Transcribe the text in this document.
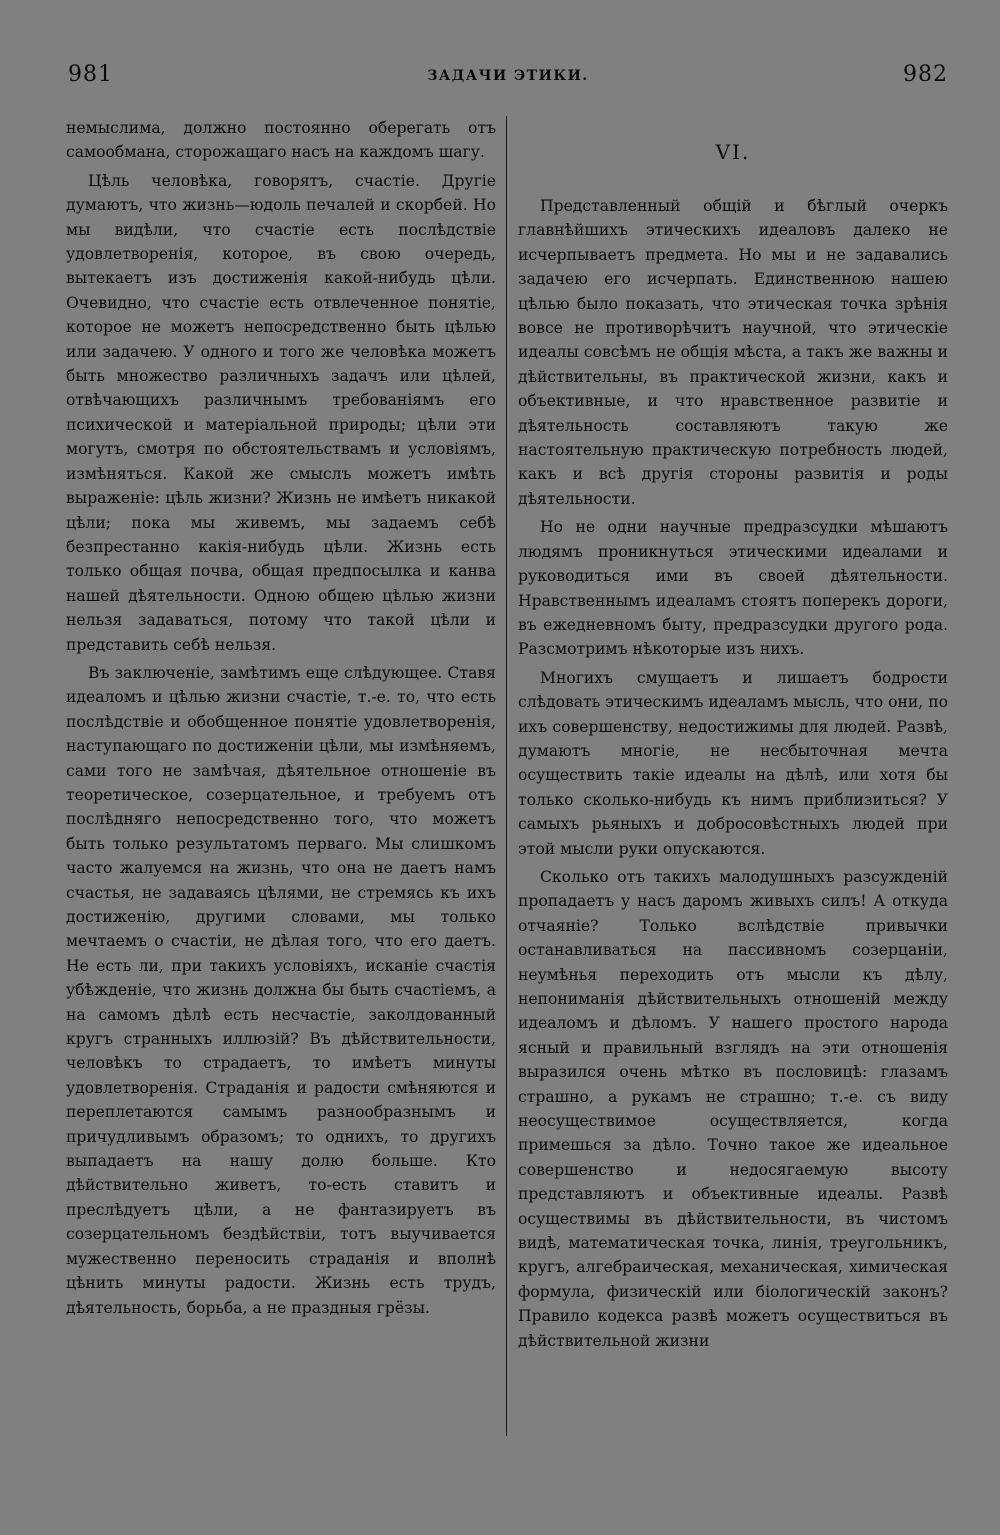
981	ЗАДАЧИ ЭТИКИ.	982

немыслима, должно постоянно оберегать отъ самообмана, сторожащаго насъ на каждомъ шагу.

Цѣль человѣка, говорятъ, счастіе. Другіе думаютъ, что жизнь—юдоль печалей и скорбей. Но мы видѣли, что счастіе есть послѣдствіе удовлетворенія, которое, въ свою очередь, вытекаетъ изъ достиженія какой-нибудь цѣли. Очевидно, что счастіе есть отвлеченное понятіе, которое не можетъ непосредственно быть цѣлью или задачею. У одного и того же человѣка можетъ быть множество различныхъ задачъ или цѣлей, отвѣчающихъ различнымъ требованіямъ его психической и матеріальной природы; цѣли эти могутъ, смотря по обстоятельствамъ и условіямъ, измѣняться. Какой же смыслъ можетъ имѣть выраженіе: цѣль жизни? Жизнь не имѣетъ никакой цѣли; пока мы живемъ, мы задаемъ себѣ безпрестанно какія-нибудь цѣли. Жизнь есть только общая почва, общая предпосылка и канва нашей дѣятельности. Одною общею цѣлью жизни нельзя задаваться, потому что такой цѣли и представить себѣ нельзя.

Въ заключеніе, замѣтимъ еще слѣдующее. Ставя идеаломъ и цѣлью жизни счастіе, т.-е. то, что есть послѣдствіе и обобщенное понятіе удовлетворенія, наступающаго по достиженіи цѣли, мы измѣняемъ, сами того не замѣчая, дѣятельное отношеніе въ теоретическое, созерцательное, и требуемъ отъ послѣдняго непосредственно того, что можетъ быть только результатомъ перваго. Мы слишкомъ часто жалуемся на жизнь, что она не даетъ намъ счастья, не задаваясь цѣлями, не стремясь къ ихъ достиженію, другими словами, мы только мечтаемъ о счастіи, не дѣлая того, что его даетъ. Не есть ли, при такихъ условіяхъ, исканіе счастія убѣжденіе, что жизнь должна бы быть счастіемъ, а на самомъ дѣлѣ есть несчастіе, заколдованный кругъ странныхъ иллюзій? Въ дѣйствительности, человѣкъ то страдаетъ, то имѣетъ минуты удовлетворенія. Страданія и радости смѣняются и переплетаются самымъ разнообразнымъ и причудливымъ образомъ; то однихъ, то другихъ выпадаетъ на нашу долю больше. Кто дѣйствительно живетъ, то-есть ставитъ и преслѣдуетъ цѣли, а не фантазируетъ въ созерцательномъ бездѣйствіи, тотъ выучивается мужественно переносить страданія и вполнѣ цѣнить минуты радости. Жизнь есть трудъ, дѣятельность, борьба, а не праздныя грёзы.

VI.

Представленный общій и бѣглый очеркъ главнѣйшихъ этическихъ идеаловъ далеко не исчерпываетъ предмета. Но мы и не задавались задачею его исчерпать. Единственною нашею цѣлью было показать, что этическая точка зрѣнія вовсе не противорѣчитъ научной, что этическіе идеалы совсѣмъ не общія мѣста, а такъ же важны и дѣйствительны, въ практической жизни, какъ и объективные, и что нравственное развитіе и дѣятельность составляютъ такую же настоятельную практическую потребность людей, какъ и всѣ другія стороны развитія и роды дѣятельности.

Но не одни научные предразсудки мѣшаютъ людямъ проникнуться этическими идеалами и руководиться ими въ своей дѣятельности. Нравственнымъ идеаламъ стоятъ поперекъ дороги, въ ежедневномъ быту, предразсудки другого рода. Разсмотримъ нѣкоторые изъ нихъ.

Многихъ смущаетъ и лишаетъ бодрости слѣдовать этическимъ идеаламъ мысль, что они, по ихъ совершенству, недостижимы для людей. Развѣ, думаютъ многіе, не несбыточная мечта осуществить такіе идеалы на дѣлѣ, или хотя бы только сколько-нибудь къ нимъ приблизиться? У самыхъ рьяныхъ и добросовѣстныхъ людей при этой мысли руки опускаются.

Сколько отъ такихъ малодушныхъ разсужденій пропадаетъ у насъ даромъ живыхъ силъ! А откуда отчаяніе? Только вслѣдствіе привычки останавливаться на пассивномъ созерцаніи, неумѣнья переходить отъ мысли къ дѣлу, непониманія дѣйствительныхъ отношеній между идеаломъ и дѣломъ. У нашего простого народа ясный и правильный взглядъ на эти отношенія выразился очень мѣтко въ пословицѣ: глазамъ страшно, а рукамъ не страшно; т.-е. съ виду неосуществимое осуществляется, когда примешься за дѣло. Точно такое же идеальное совершенство и недосягаемую высоту представляютъ и объективные идеалы. Развѣ осуществимы въ дѣйствительности, въ чистомъ видѣ, математическая точка, линія, треугольникъ, кругъ, алгебраическая, механическая, химическая формула, физическій или біологическій законъ? Правило кодекса развѣ можетъ осуществиться въ дѣйствительной жизни
